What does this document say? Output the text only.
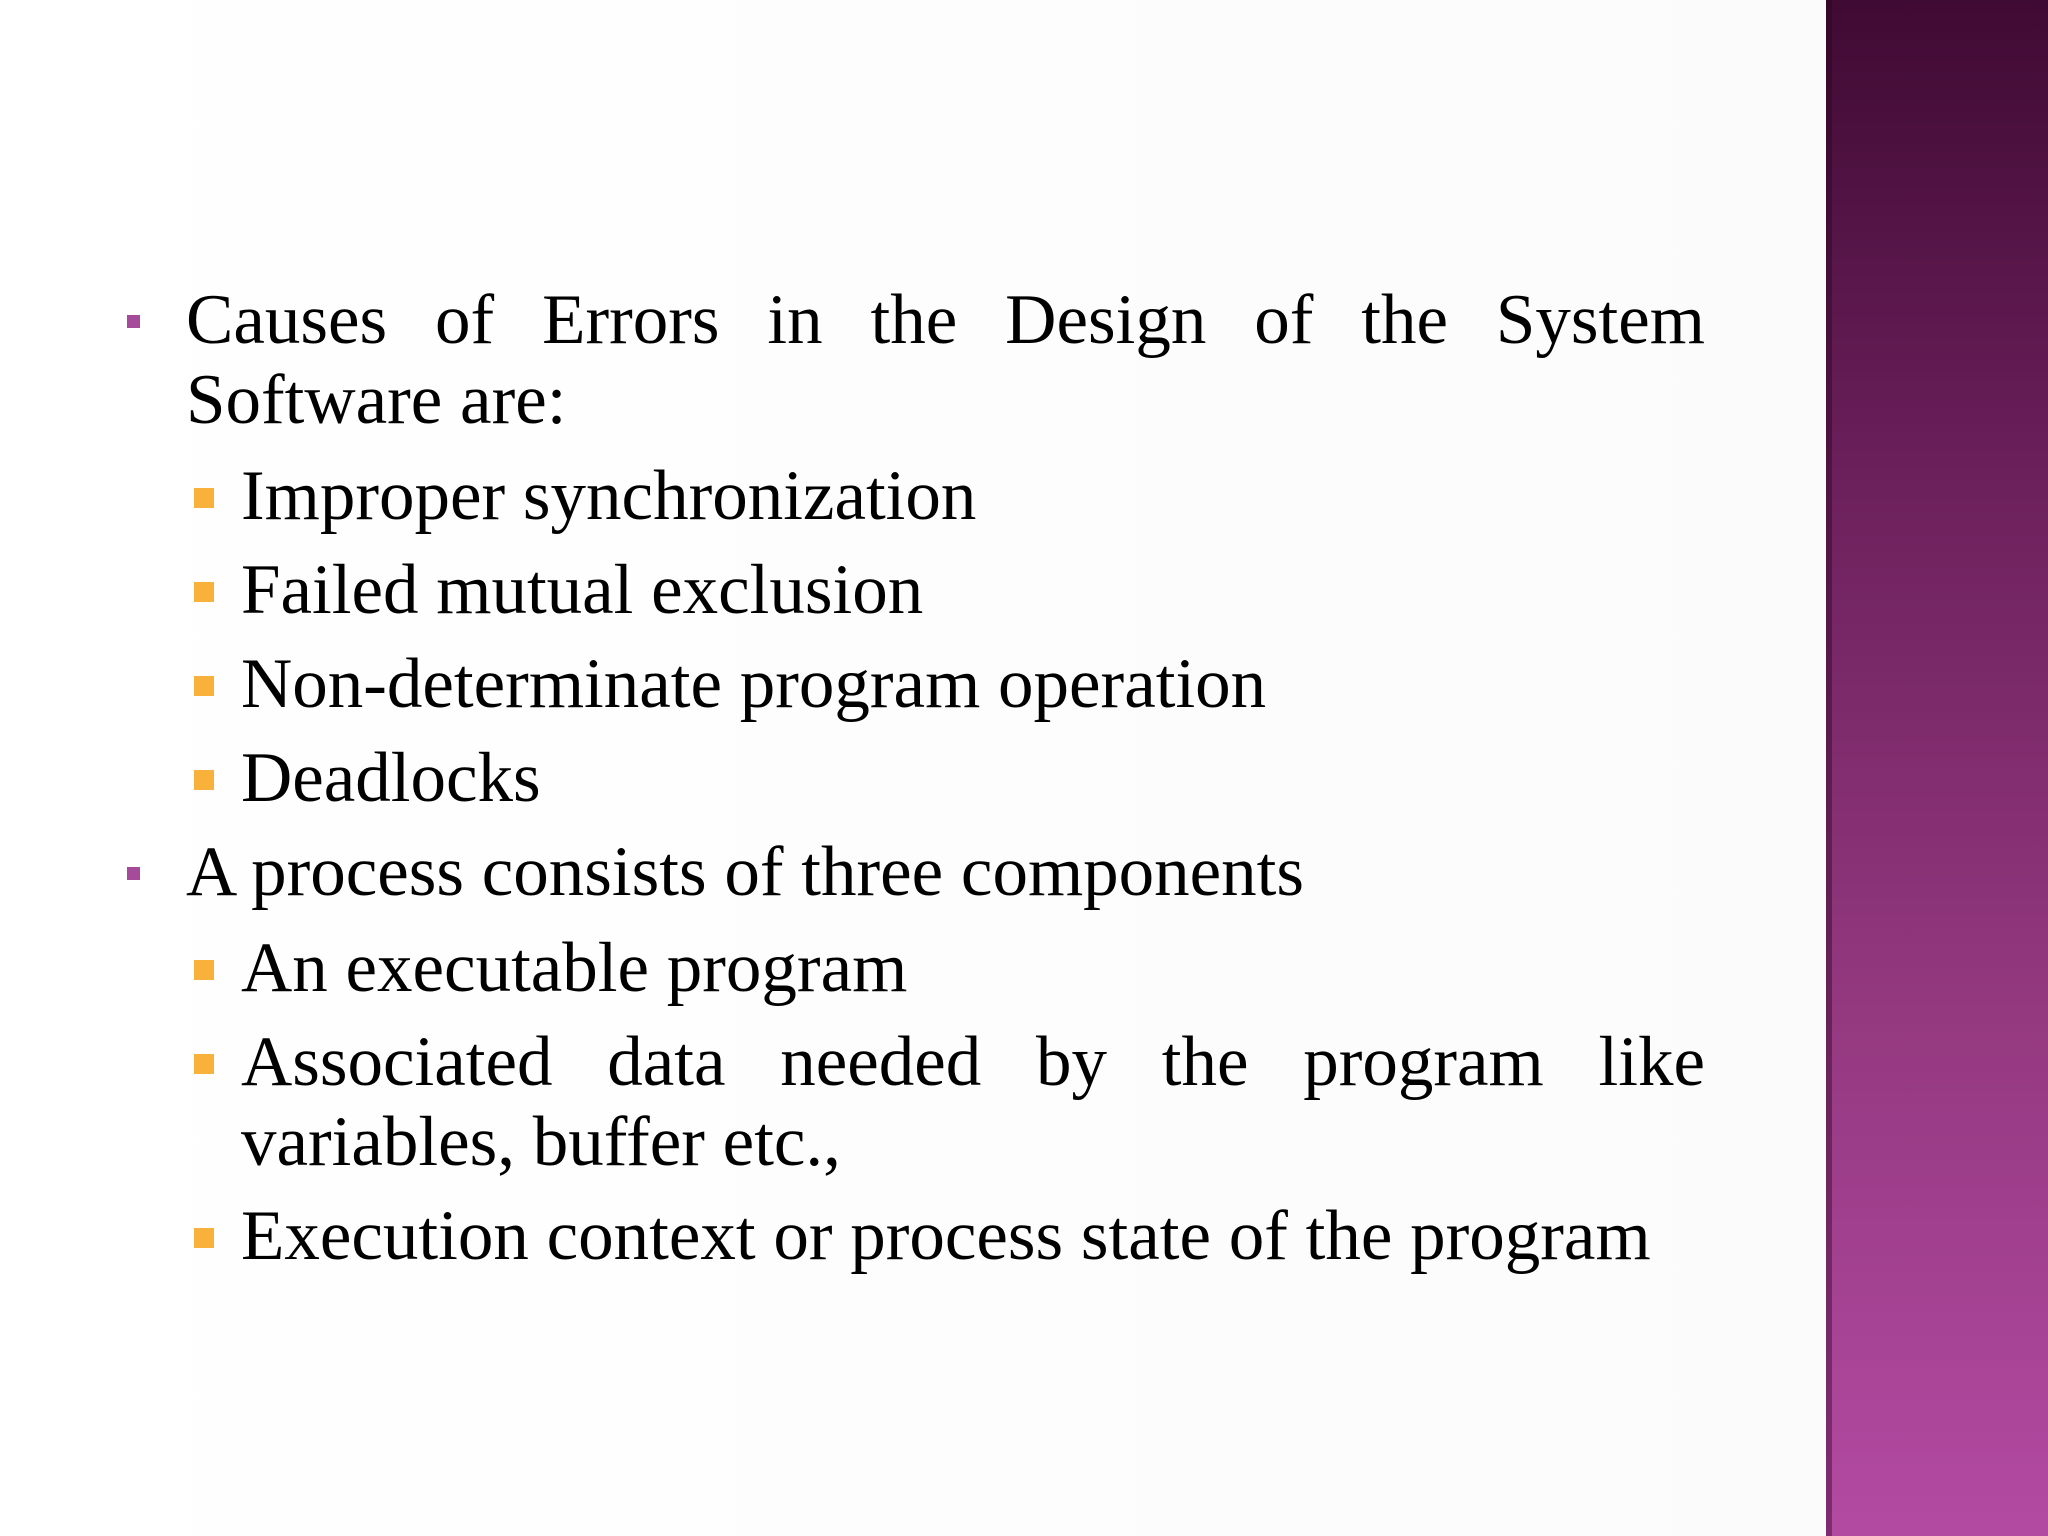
Causes of Errors in the Design of the System Software are:
Improper synchronization
Failed mutual exclusion
Non-determinate program operation
Deadlocks
A process consists of three components
An executable program
Associated data needed by the program like variables, buffer etc.,
Execution context or process state of the program
